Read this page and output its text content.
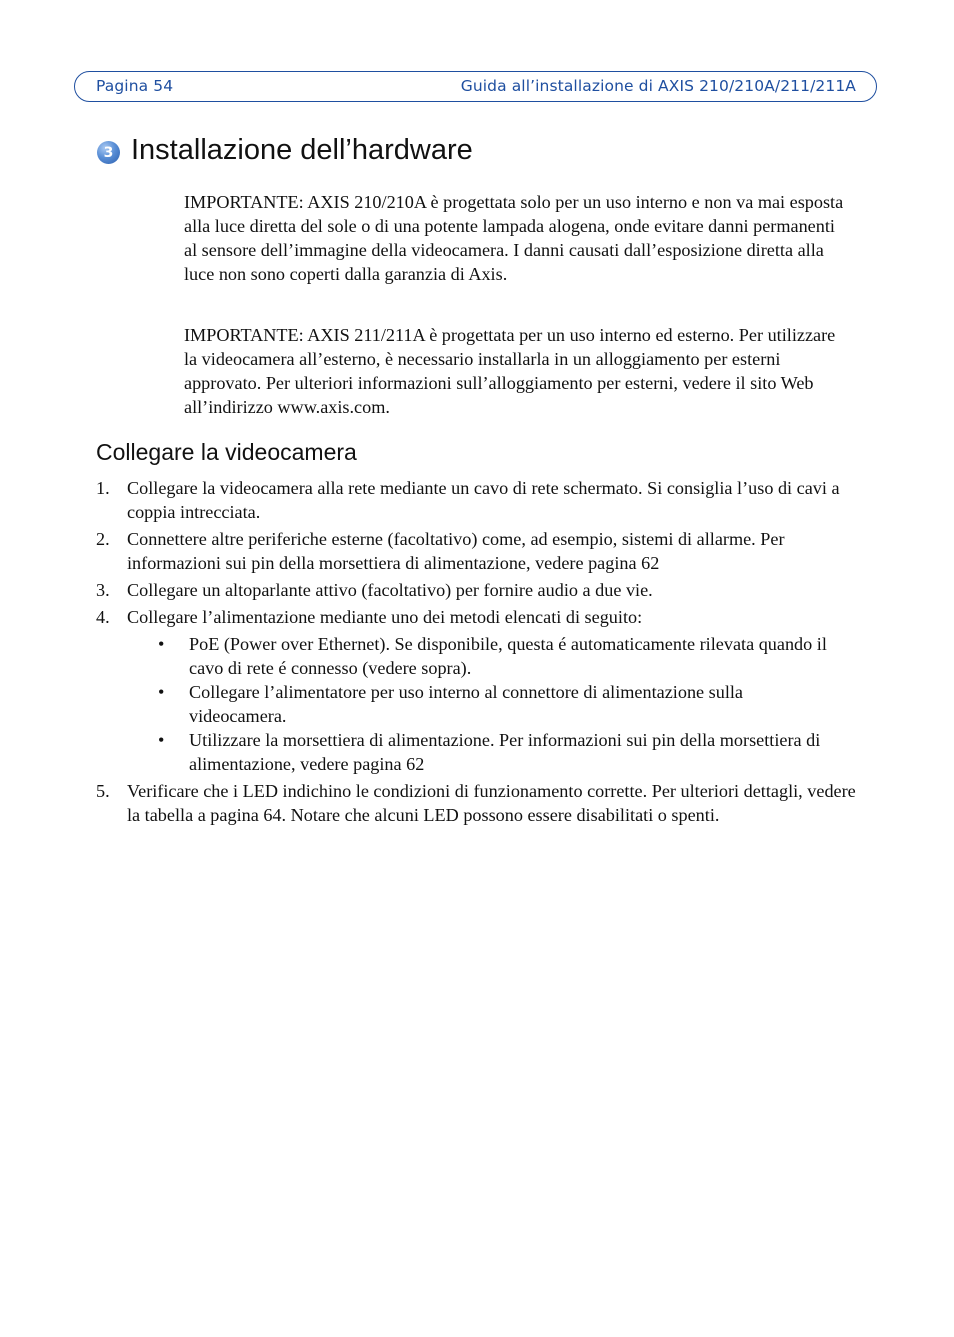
Pagina 54	Guida all’installazione di AXIS 210/210A/211/211A
3 Installazione dell’hardware

IMPORTANTE: AXIS 210/210A è progettata solo per un uso interno e non va mai esposta alla luce diretta del sole o di una potente lampada alogena, onde evitare danni permanenti al sensore dell’immagine della videocamera. I danni causati dall’esposizione diretta alla luce non sono coperti dalla garanzia di Axis.

IMPORTANTE: AXIS 211/211A è progettata per un uso interno ed esterno. Per utilizzare la videocamera all’esterno, è necessario installarla in un alloggiamento per esterni approvato. Per ulteriori informazioni sull’alloggiamento per esterni, vedere il sito Web all’indirizzo www.axis.com.

Collegare la videocamera
1. Collegare la videocamera alla rete mediante un cavo di rete schermato. Si consiglia l’uso di cavi a coppia intrecciata.
2. Connettere altre periferiche esterne (facoltativo) come, ad esempio, sistemi di allarme. Per informazioni sui pin della morsettiera di alimentazione, vedere pagina 62
3. Collegare un altoparlante attivo (facoltativo) per fornire audio a due vie.
4. Collegare l’alimentazione mediante uno dei metodi elencati di seguito:
• PoE (Power over Ethernet). Se disponibile, questa é automaticamente rilevata quando il cavo di rete é connesso (vedere sopra).
• Collegare l’alimentatore per uso interno al connettore di alimentazione sulla videocamera.
• Utilizzare la morsettiera di alimentazione. Per informazioni sui pin della morsettiera di alimentazione, vedere pagina 62
5. Verificare che i LED indichino le condizioni di funzionamento corrette. Per ulteriori dettagli, vedere la tabella a pagina 64. Notare che alcuni LED possono essere disabilitati o spenti.
